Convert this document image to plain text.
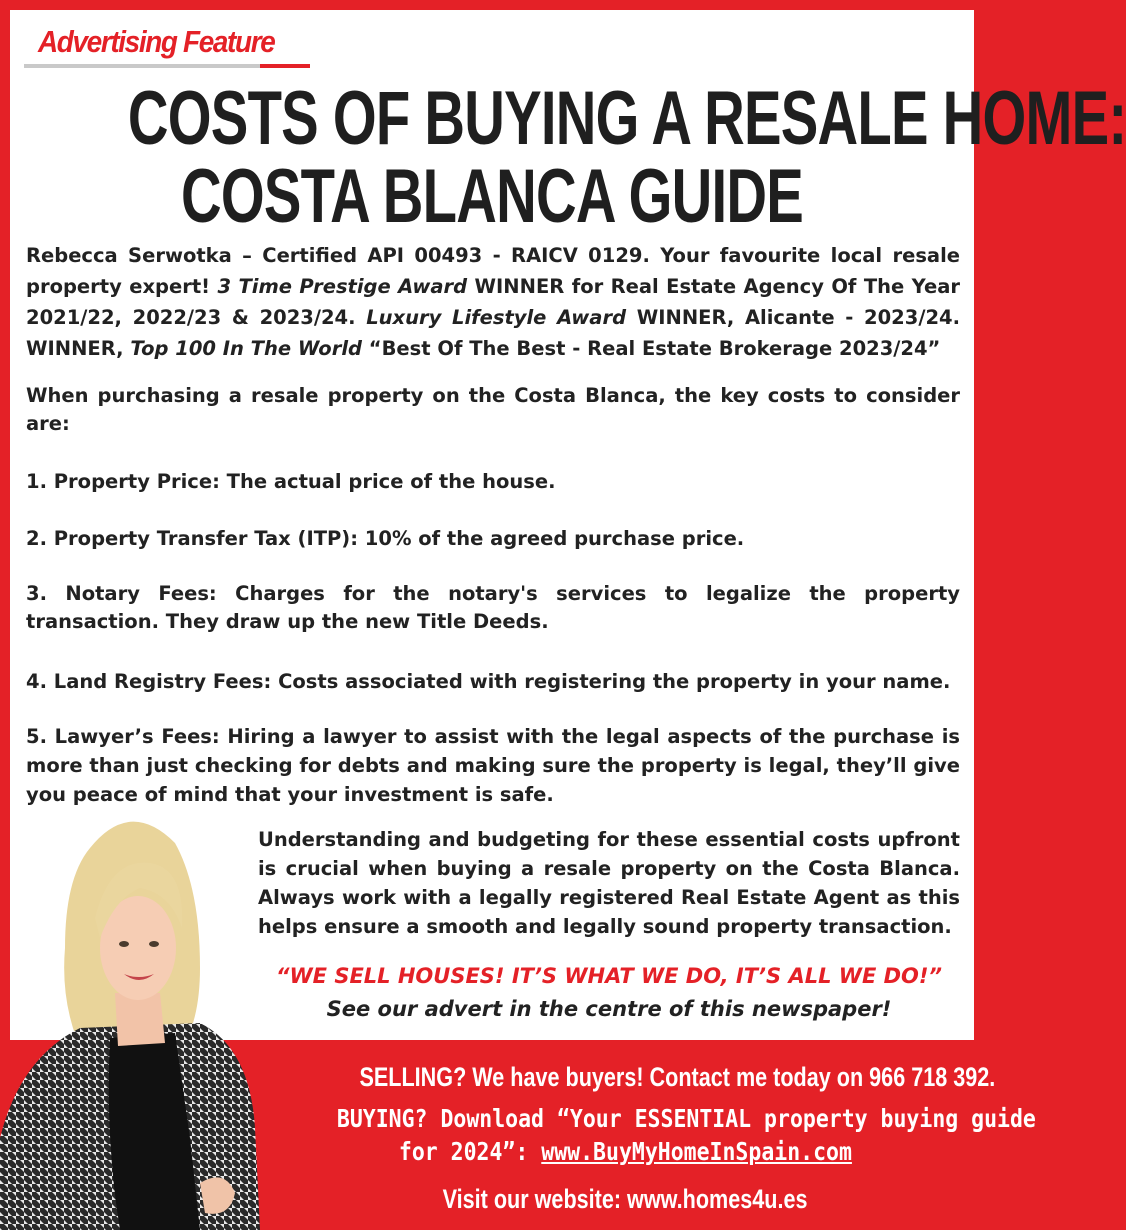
Advertising Feature
COSTS OF BUYING A RESALE HOME:
COSTA BLANCA GUIDE

Rebecca Serwotka – Certified API 00493 - RAICV 0129. Your favourite local resale property expert! 3 Time Prestige Award WINNER for Real Estate Agency Of The Year 2021/22, 2022/23 & 2023/24. Luxury Lifestyle Award WINNER, Alicante - 2023/24. WINNER, Top 100 In The World “Best Of The Best - Real Estate Brokerage 2023/24”

When purchasing a resale property on the Costa Blanca, the key costs to consider are:

1. Property Price: The actual price of the house.

2. Property Transfer Tax (ITP): 10% of the agreed purchase price.

3. Notary Fees: Charges for the notary's services to legalize the property transaction. They draw up the new Title Deeds.

4. Land Registry Fees: Costs associated with registering the property in your name.

5. Lawyer’s Fees: Hiring a lawyer to assist with the legal aspects of the purchase is more than just checking for debts and making sure the property is legal, they’ll give you peace of mind that your investment is safe.

Understanding and budgeting for these essential costs upfront is crucial when buying a resale property on the Costa Blanca. Always work with a legally registered Real Estate Agent as this helps ensure a smooth and legally sound property transaction.

“WE SELL HOUSES! IT’S WHAT WE DO, IT’S ALL WE DO!”
See our advert in the centre of this newspaper!
SELLING? We have buyers! Contact me today on 966 718 392.
BUYING? Download “Your ESSENTIAL property buying guide
for 2024”: www.BuyMyHomeInSpain.com
Visit our website: www.homes4u.es
